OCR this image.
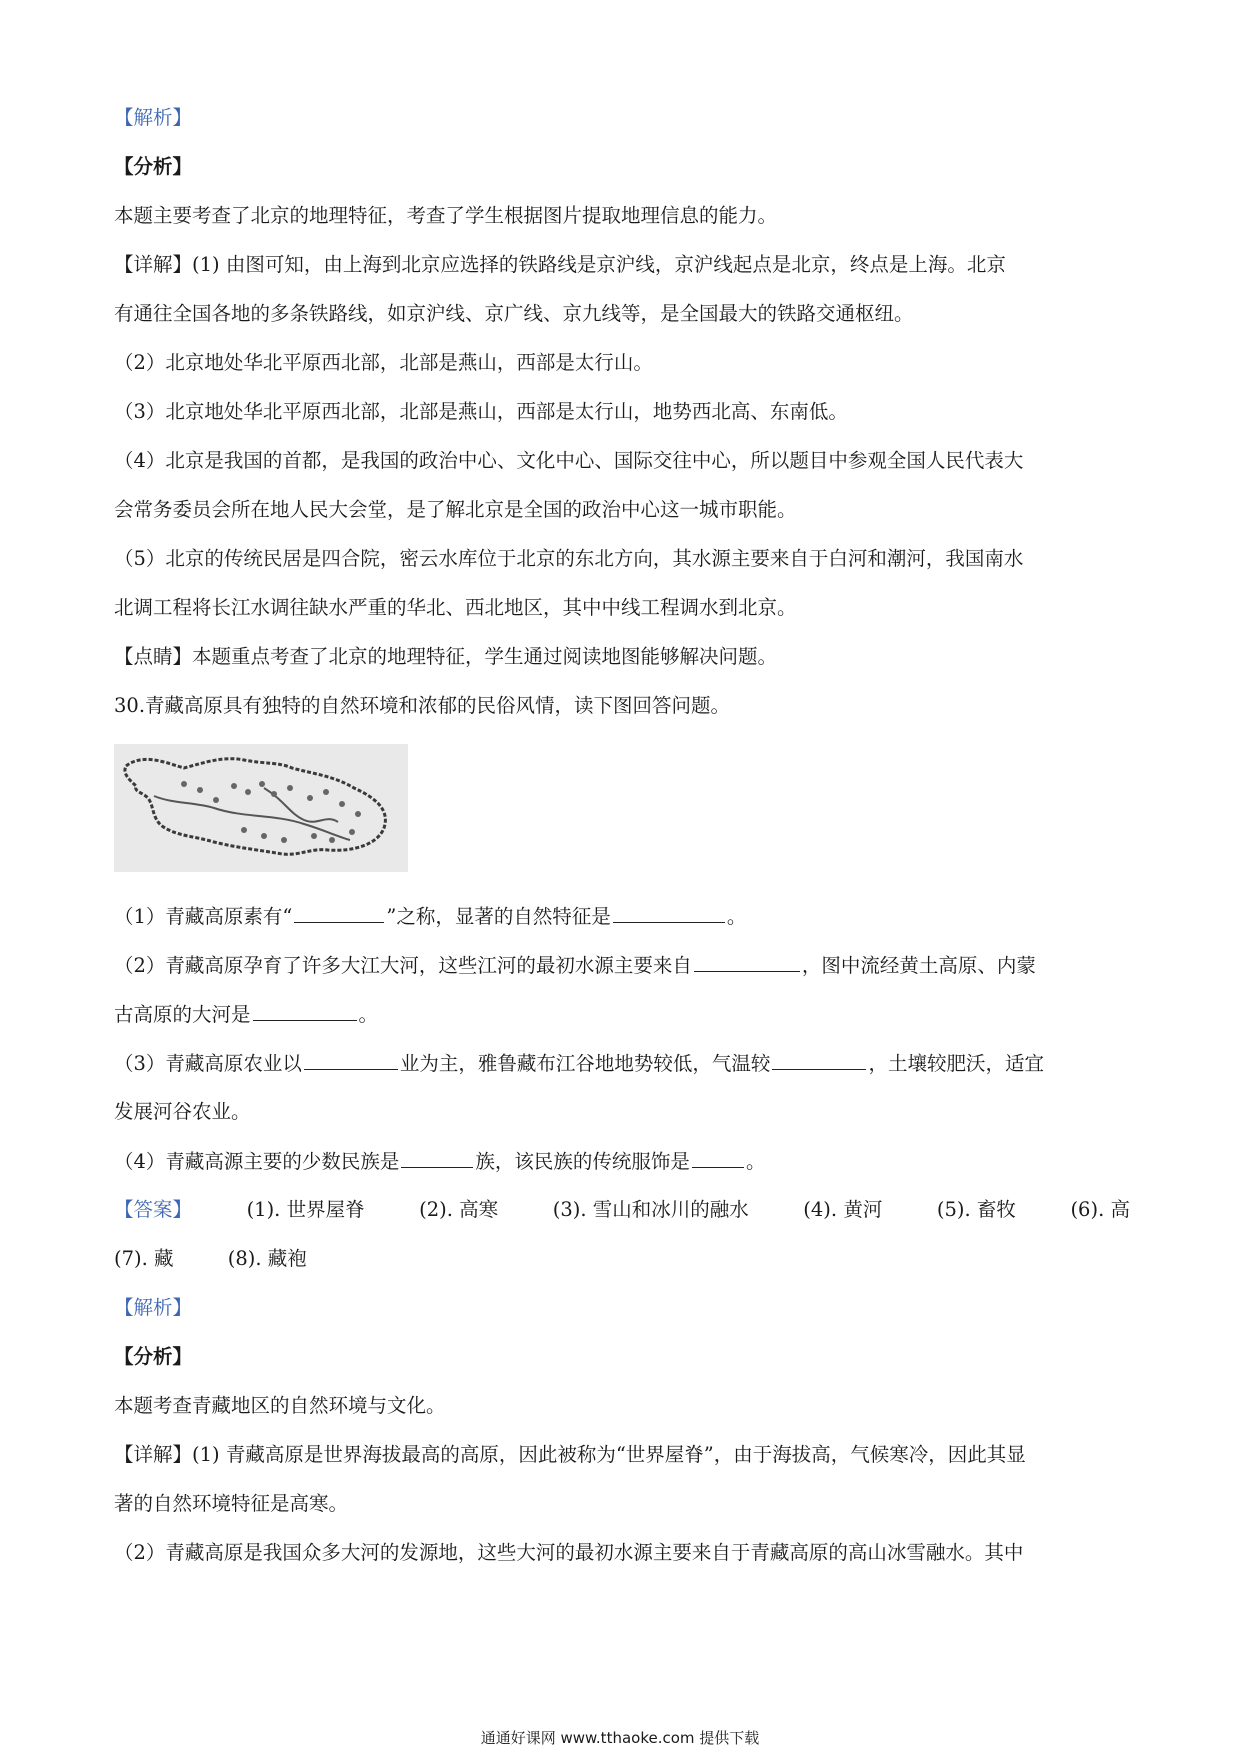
【解析】
【分析】
本题主要考查了北京的地理特征，考查了学生根据图片提取地理信息的能力。
【详解】(1) 由图可知，由上海到北京应选择的铁路线是京沪线，京沪线起点是北京，终点是上海。北京
有通往全国各地的多条铁路线，如京沪线、京广线、京九线等，是全国最大的铁路交通枢纽。
（2）北京地处华北平原西北部，北部是燕山，西部是太行山。
（3）北京地处华北平原西北部，北部是燕山，西部是太行山，地势西北高、东南低。
（4）北京是我国的首都，是我国的政治中心、文化中心、国际交往中心，所以题目中参观全国人民代表大
会常务委员会所在地人民大会堂，是了解北京是全国的政治中心这一城市职能。
（5）北京的传统民居是四合院，密云水库位于北京的东北方向，其水源主要来自于白河和潮河，我国南水
北调工程将长江水调往缺水严重的华北、西北地区，其中中线工程调水到北京。
【点睛】本题重点考查了北京的地理特征，学生通过阅读地图能够解决问题。
30.青藏高原具有独特的自然环境和浓郁的民俗风情，读下图回答问题。
（1）青藏高原素有“	”之称，显著的自然特征是	。
（2）青藏高原孕育了许多大江大河，这些江河的最初水源主要来自	，图中流经黄土高原、内蒙
古高原的大河是	。
（3）青藏高原农业以	业为主，雅鲁藏布江谷地地势较低，气温较	，土壤较肥沃，适宜
发展河谷农业。
（4）青藏高源主要的少数民族是	族，该民族的传统服饰是	。
【答案】	(1). 世界屋脊	(2). 高寒	(3). 雪山和冰川的融水	(4). 黄河	(5). 畜牧	(6). 高
(7). 藏	(8). 藏袍
【解析】
【分析】
本题考查青藏地区的自然环境与文化。
【详解】(1) 青藏高原是世界海拔最高的高原，因此被称为“世界屋脊”，由于海拔高，气候寒冷，因此其显
著的自然环境特征是高寒。
（2）青藏高原是我国众多大河的发源地，这些大河的最初水源主要来自于青藏高原的高山冰雪融水。其中
通通好课网 www.tthaoke.com 提供下载
